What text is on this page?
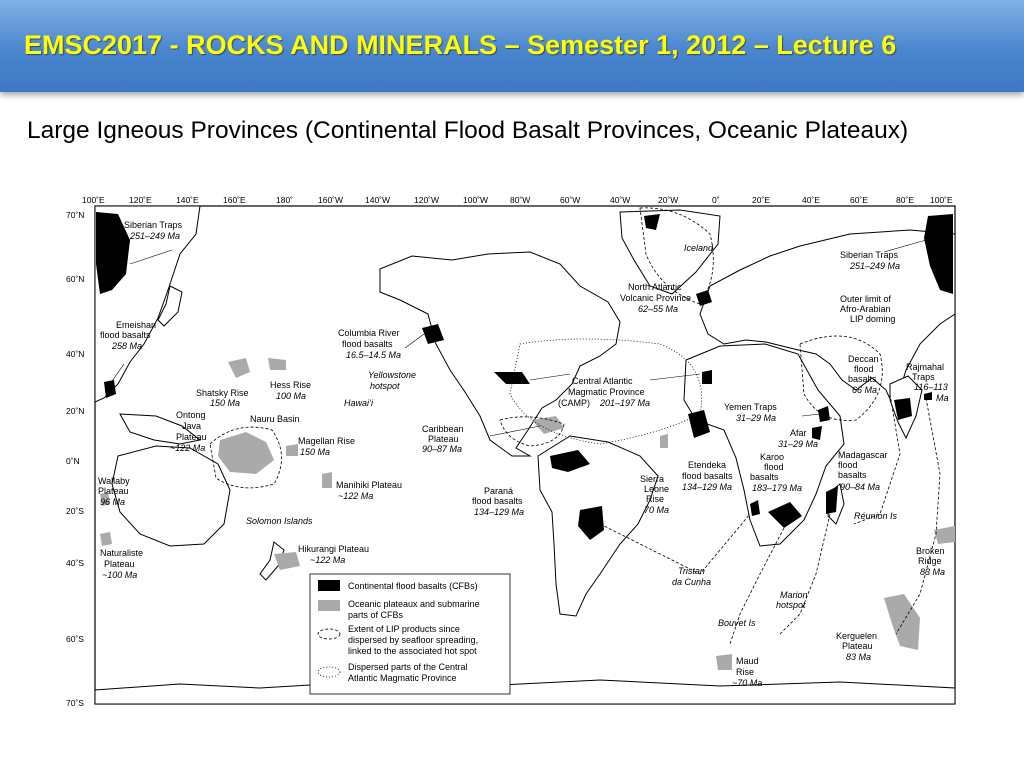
EMSC2017 - ROCKS AND MINERALS – Semester 1, 2012 – Lecture 6
Large Igneous Provinces (Continental Flood Basalt Provinces, Oceanic Plateaux)
100˚E	120˚E	140˚E	160˚E	180˚	160˚W	140˚W	120˚W	100˚W	80˚W	60˚W	40˚W	20˚W	0˚	20˚E	40˚E	60˚E	80˚E 100˚E
70˚N
60˚N
40˚N
20˚N
0˚N
20˚S
40˚S
60˚S
70˚S
Siberian Traps
251–249 Ma
Iceland
North Atlantic
Volcanic Province
62–55 Ma
Siberian Traps
251–249 Ma
Outer limit of
Afro-Arabian
LIP doming
Emeishan
flood basalts
258 Ma
Columbia River
flood basalts
16.5–14.5 Ma
Yellowstone
hotspot
Shatsky Rise
150 Ma
Hess Rise
100 Ma
Hawai‘i
Central Atlantic
Magmatic Province
(CAMP) 201–197 Ma
Deccan
flood
basalts
66 Ma
Rajmahal
Traps
116–113
Ma
Ontong
Java
Plateau
~122 Ma
Nauru Basin
Magellan Rise
150 Ma
Caribbean
Plateau
90–87 Ma
Yemen Traps
31–29 Ma
Afar
31–29 Ma
Manihiki Plateau
~122 Ma
Etendeka
flood basalts
134–129 Ma
Karoo
flood
basalts
183–179 Ma
Madagascar
flood
basalts
90–84 Ma
Wallaby
Plateau
96 Ma
Sierra
Leone
Rise
70 Ma
Paraná
flood basalts
134–129 Ma
Solomon Islands	Réunion Is
Naturaliste
Plateau
~100 Ma
Hikurangi Plateau
~122 Ma
Tristan
da Cunha
Broken
Ridge
83 Ma
Marion
hotspot
Bouvet Is
Kerguelen
Plateau
83 Ma
Maud
Rise
~70 Ma
Continental flood basalts (CFBs)
Oceanic plateaux and submarine
parts of CFBs
Extent of LIP products since
dispersed by seafloor spreading,
linked to the associated hot spot
Dispersed parts of the Central
Atlantic Magmatic Province
